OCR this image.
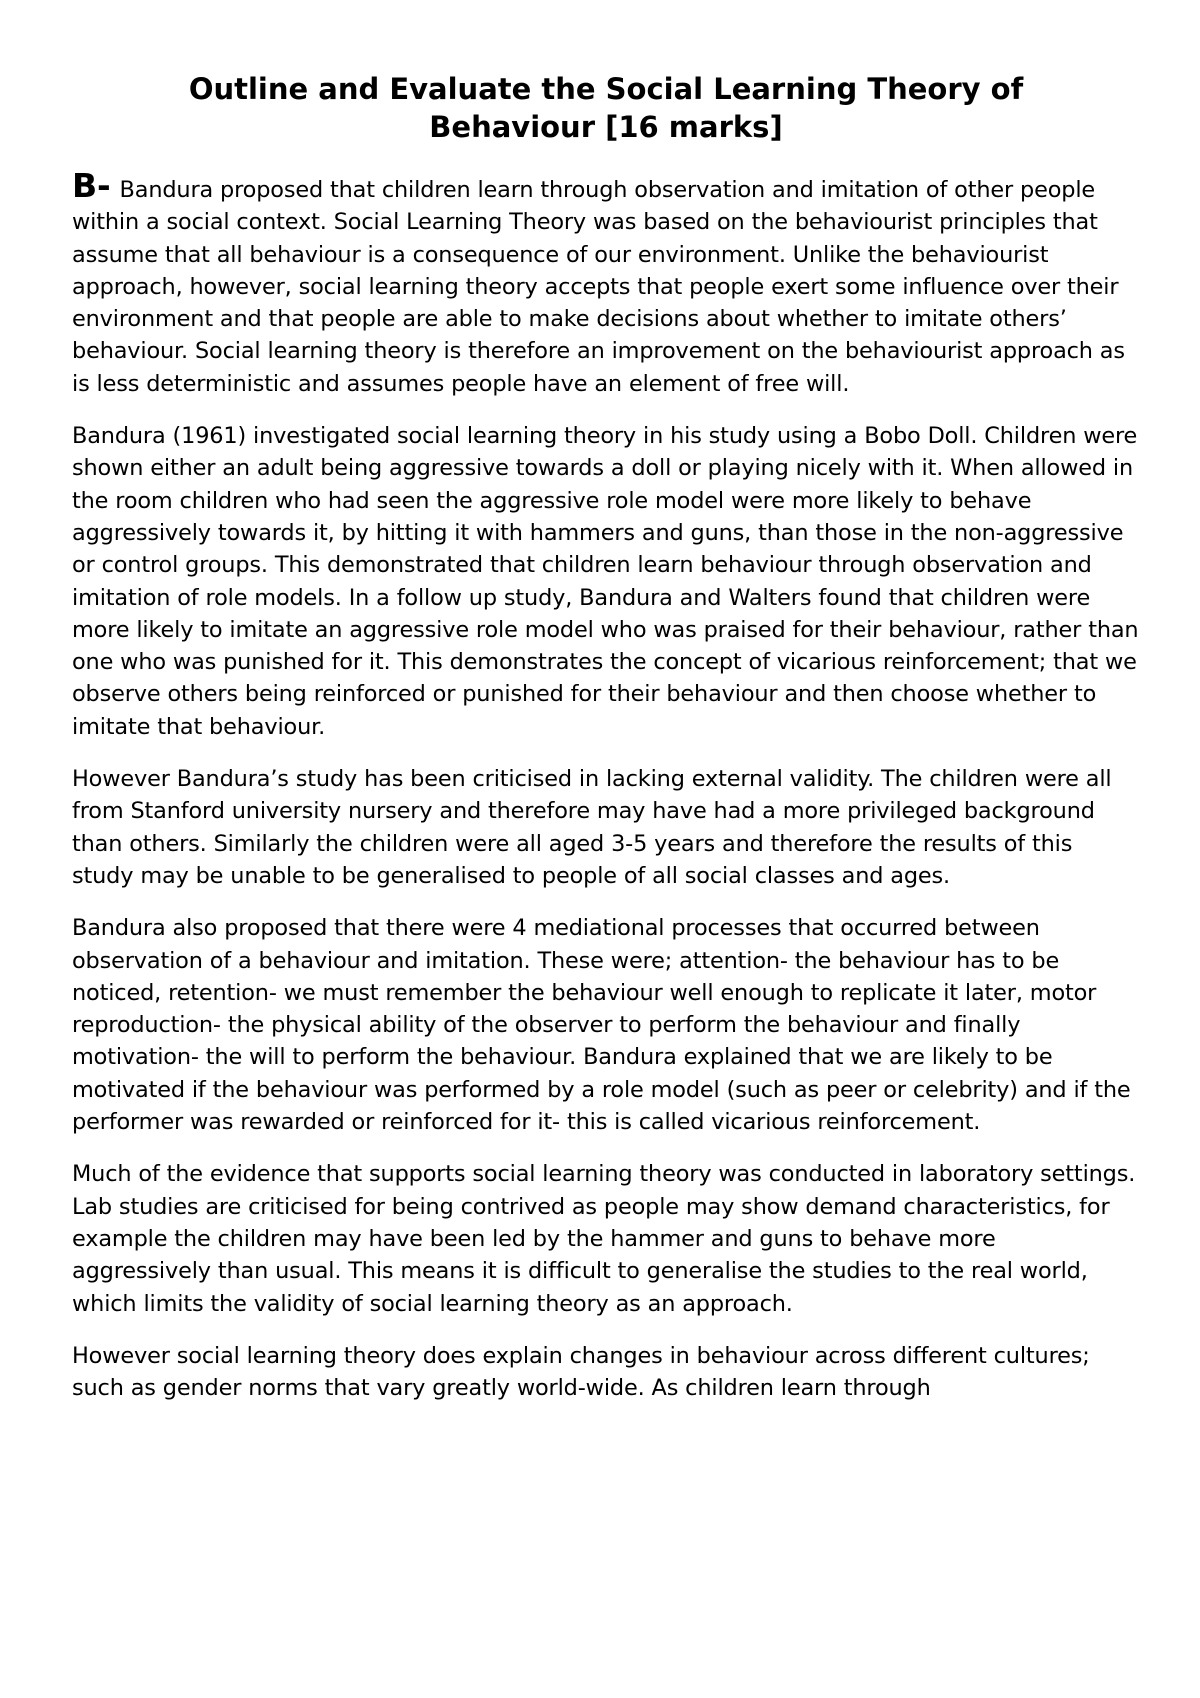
Outline and Evaluate the Social Learning Theory of Behaviour [16 marks]

B- Bandura proposed that children learn through observation and imitation of other people within a social context. Social Learning Theory was based on the behaviourist principles that assume that all behaviour is a consequence of our environment. Unlike the behaviourist approach, however, social learning theory accepts that people exert some influence over their environment and that people are able to make decisions about whether to imitate others’ behaviour. Social learning theory is therefore an improvement on the behaviourist approach as is less deterministic and assumes people have an element of free will.

Bandura (1961) investigated social learning theory in his study using a Bobo Doll. Children were shown either an adult being aggressive towards a doll or playing nicely with it. When allowed in the room children who had seen the aggressive role model were more likely to behave aggressively towards it, by hitting it with hammers and guns, than those in the non-aggressive or control groups. This demonstrated that children learn behaviour through observation and imitation of role models. In a follow up study, Bandura and Walters found that children were more likely to imitate an aggressive role model who was praised for their behaviour, rather than one who was punished for it. This demonstrates the concept of vicarious reinforcement; that we observe others being reinforced or punished for their behaviour and then choose whether to imitate that behaviour.

However Bandura’s study has been criticised in lacking external validity. The children were all from Stanford university nursery and therefore may have had a more privileged background than others. Similarly the children were all aged 3-5 years and therefore the results of this study may be unable to be generalised to people of all social classes and ages.

Bandura also proposed that there were 4 mediational processes that occurred between observation of a behaviour and imitation. These were; attention- the behaviour has to be noticed, retention- we must remember the behaviour well enough to replicate it later, motor reproduction- the physical ability of the observer to perform the behaviour and finally motivation- the will to perform the behaviour. Bandura explained that we are likely to be motivated if the behaviour was performed by a role model (such as peer or celebrity) and if the performer was rewarded or reinforced for it- this is called vicarious reinforcement.

Much of the evidence that supports social learning theory was conducted in laboratory settings. Lab studies are criticised for being contrived as people may show demand characteristics, for example the children may have been led by the hammer and guns to behave more aggressively than usual. This means it is difficult to generalise the studies to the real world, which limits the validity of social learning theory as an approach.

However social learning theory does explain changes in behaviour across different cultures; such as gender norms that vary greatly world-wide. As children learn through
